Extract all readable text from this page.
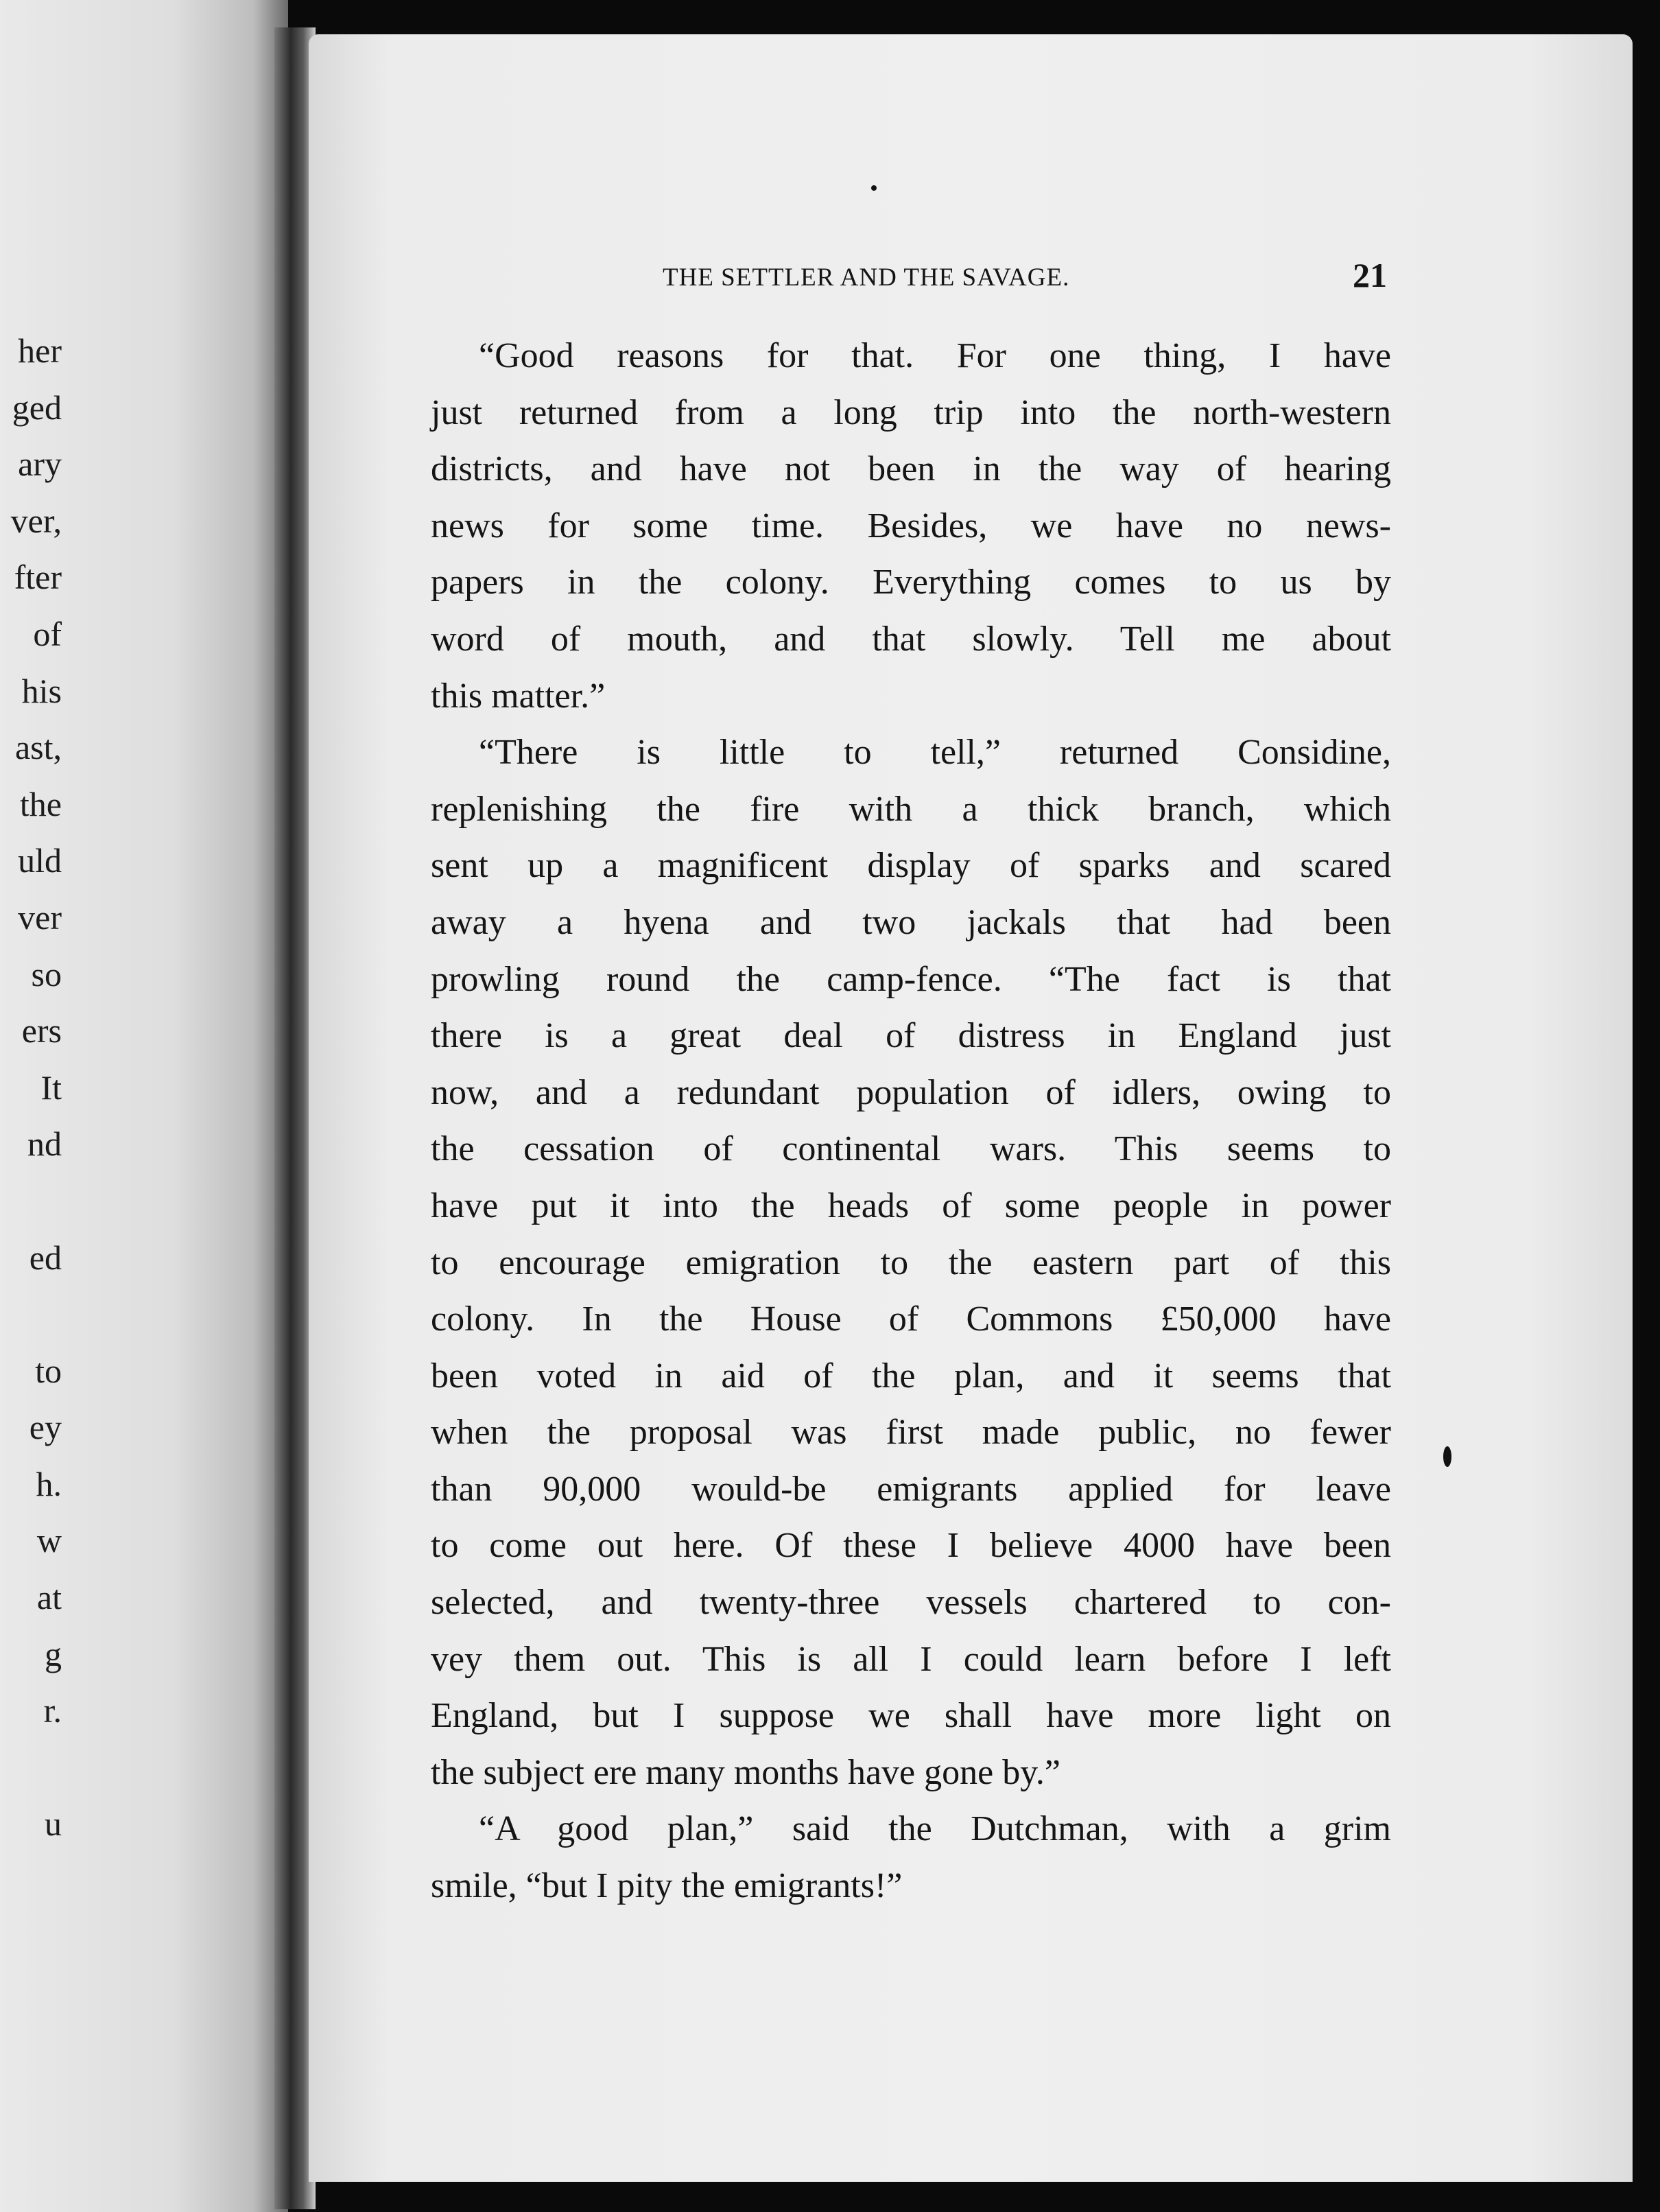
her
ged
ary
ver,
fter
of
his
ast,
the
uld
ver
so
ers
It
nd
ed
to
ey
h.
w
at
g
r.
u
THE SETTLER AND THE SAVAGE.	21
“Good reasons for that. For one thing, I have
just returned from a long trip into the north-western
districts, and have not been in the way of hearing
news for some time. Besides, we have no news-
papers in the colony. Everything comes to us by
word of mouth, and that slowly. Tell me about
this matter.”
“There is little to tell,” returned Considine,
replenishing the fire with a thick branch, which
sent up a magnificent display of sparks and scared
away a hyena and two jackals that had been
prowling round the camp-fence. “The fact is that
there is a great deal of distress in England just
now, and a redundant population of idlers, owing to
the cessation of continental wars. This seems to
have put it into the heads of some people in power
to encourage emigration to the eastern part of this
colony. In the House of Commons £50,000 have
been voted in aid of the plan, and it seems that
when the proposal was first made public, no fewer
than 90,000 would-be emigrants applied for leave
to come out here. Of these I believe 4000 have been
selected, and twenty-three vessels chartered to con-
vey them out. This is all I could learn before I left
England, but I suppose we shall have more light on
the subject ere many months have gone by.”
“A good plan,” said the Dutchman, with a grim
smile, “but I pity the emigrants!”
